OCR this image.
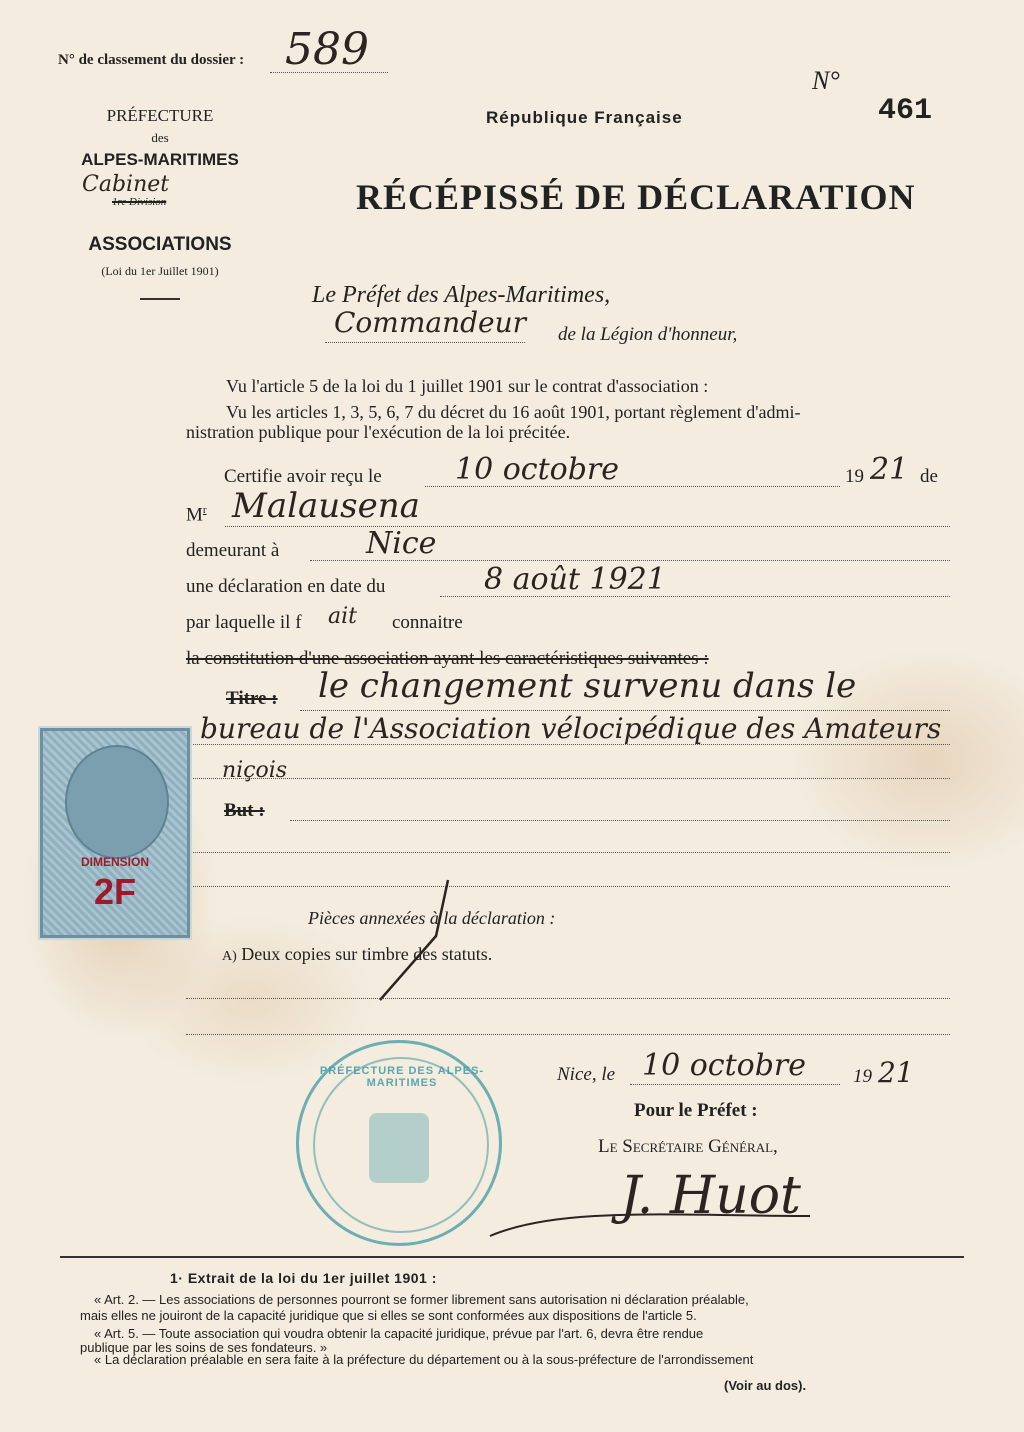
N° de classement du dossier : 589
N°
461
PRÉFECTURE
des
ALPES-MARITIMES
Cabinet
1re Division
ASSOCIATIONS
(Loi du 1er Juillet 1901)
République Française
RÉCÉPISSÉ DE DÉCLARATION
Le Préfet des Alpes-Maritimes,
Commandeur de la Légion d'honneur,
Vu l'article 5 de la loi du 1 juillet 1901 sur le contrat d'association :
Vu les articles 1, 3, 5, 6, 7 du décret du 16 août 1901, portant règlement d'admi-
nistration publique pour l'exécution de la loi précitée.
Certifie avoir reçu le 10 octobre	19 21 de
$M^r$ Malausena
demeurant à	Nice
une déclaration en date du	8 août 1921
par laquelle il f ait connaitre
la constitution d'une association ayant les caractéristiques suivantes :
Titre : le changement survenu dans le
bureau de l'Association vélocipédique des Amateurs
niçois
But :
DIMENSION
2F
Pièces annexées à la déclaration :
A) Deux copies sur timbre des statuts.
PRÉFECTURE DES ALPES-MARITIMES	Nice, le 10 octobre 19 21
Pour le Préfet :
Le Secrétaire Général,
J. Huot
1· Extrait de la loi du 1er juillet 1901 :
« Art. 2. — Les associations de personnes pourront se former librement sans autorisation ni déclaration préalable,
mais elles ne jouiront de la capacité juridique que si elles se sont conformées aux dispositions de l'article 5.
« Art. 5. — Toute association qui voudra obtenir la capacité juridique, prévue par l'art. 6, devra être rendue
publique par les soins de ses fondateurs. »
« La déclaration préalable en sera faite à la préfecture du département ou à la sous-préfecture de l'arrondissement
(Voir au dos).
